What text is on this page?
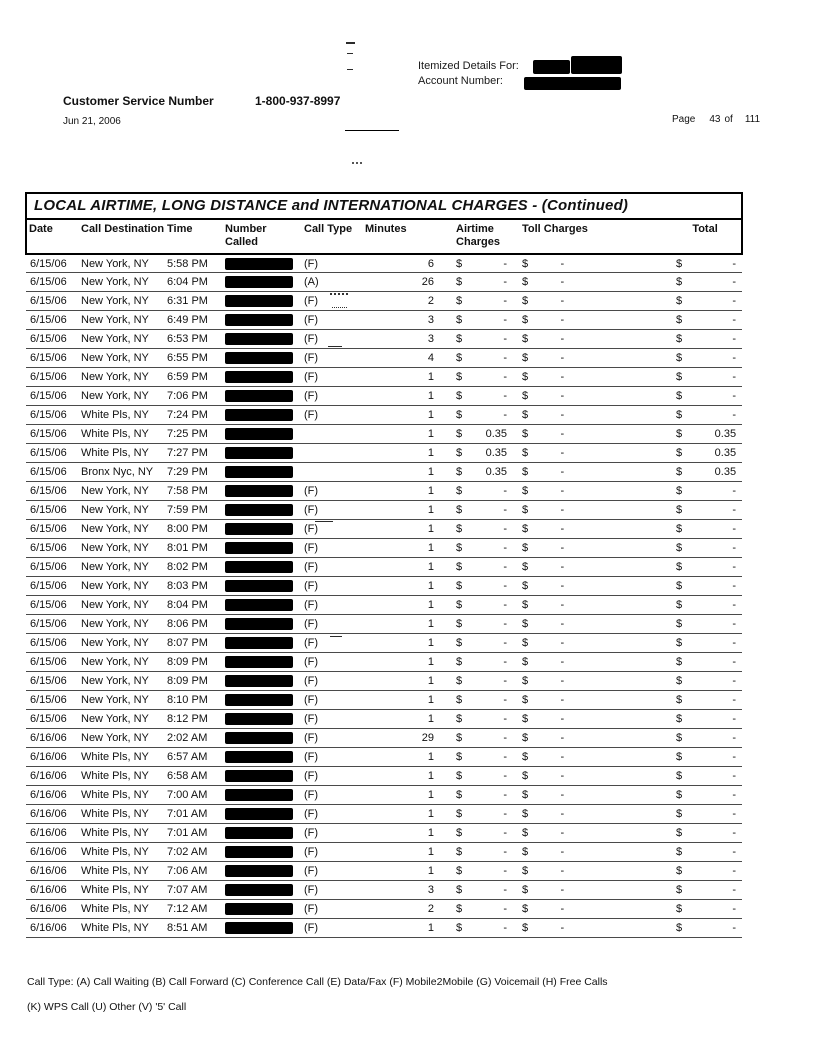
Itemized Details For:
Account Number:
Customer Service Number	1-800-937-8997
Jun 21, 2006	Page 43 of 111
LOCAL AIRTIME, LONG DISTANCE and INTERNATIONAL CHARGES - (Continued)								
Date	Call Destination	Time	Number Called	Call Type	Minutes	Airtime Charges	Toll Charges	Total
6/15/06	New York, NY	5:58 PM		(F)	6	$ -	$ -	$ -

6/15/06	New York, NY	6:04 PM		(A)	26	$ -	$ -	$ -

6/15/06	New York, NY	6:31 PM		(F)	2	$ -	$ -	$ -

6/15/06	New York, NY	6:49 PM		(F)	3	$ -	$ -	$ -

6/15/06	New York, NY	6:53 PM		(F)	3	$ -	$ -	$ -

6/15/06	New York, NY	6:55 PM		(F)	4	$ -	$ -	$ -

6/15/06	New York, NY	6:59 PM		(F)	1	$ -	$ -	$ -

6/15/06	New York, NY	7:06 PM		(F)	1	$ -	$ -	$ -

6/15/06	White Pls, NY	7:24 PM		(F)	1	$ -	$ -	$ -

6/15/06	White Pls, NY	7:25 PM			1	$ 0.35	$ -	$ 0.35

6/15/06	White Pls, NY	7:27 PM			1	$ 0.35	$ -	$ 0.35

6/15/06	Bronx Nyc, NY	7:29 PM			1	$ 0.35	$ -	$ 0.35

6/15/06	New York, NY	7:58 PM		(F)	1	$ -	$ -	$ -

6/15/06	New York, NY	7:59 PM		(F)	1	$ -	$ -	$ -

6/15/06	New York, NY	8:00 PM		(F)	1	$ -	$ -	$ -

6/15/06	New York, NY	8:01 PM		(F)	1	$ -	$ -	$ -

6/15/06	New York, NY	8:02 PM		(F)	1	$ -	$ -	$ -

6/15/06	New York, NY	8:03 PM		(F)	1	$ -	$ -	$ -

6/15/06	New York, NY	8:04 PM		(F)	1	$ -	$ -	$ -

6/15/06	New York, NY	8:06 PM		(F)	1	$ -	$ -	$ -

6/15/06	New York, NY	8:07 PM		(F)	1	$ -	$ -	$ -

6/15/06	New York, NY	8:09 PM		(F)	1	$ -	$ -	$ -

6/15/06	New York, NY	8:09 PM		(F)	1	$ -	$ -	$ -

6/15/06	New York, NY	8:10 PM		(F)	1	$ -	$ -	$ -

6/15/06	New York, NY	8:12 PM		(F)	1	$ -	$ -	$ -

6/16/06	New York, NY	2:02 AM		(F)	29	$ -	$ -	$ -

6/16/06	White Pls, NY	6:57 AM		(F)	1	$ -	$ -	$ -

6/16/06	White Pls, NY	6:58 AM		(F)	1	$ -	$ -	$ -

6/16/06	White Pls, NY	7:00 AM		(F)	1	$ -	$ -	$ -

6/16/06	White Pls, NY	7:01 AM		(F)	1	$ -	$ -	$ -

6/16/06	White Pls, NY	7:01 AM		(F)	1	$ -	$ -	$ -

6/16/06	White Pls, NY	7:02 AM		(F)	1	$ -	$ -	$ -

6/16/06	White Pls, NY	7:06 AM		(F)	1	$ -	$ -	$ -

6/16/06	White Pls, NY	7:07 AM		(F)	3	$ -	$ -	$ -

6/16/06	White Pls, NY	7:12 AM		(F)	2	$ -	$ -	$ -

6/16/06	White Pls, NY	8:51 AM		(F)	1	$ -	$ -	$ -
Call Type: (A) Call Waiting (B) Call Forward (C) Conference Call (E) Data/Fax (F) Mobile2Mobile (G) Voicemail (H) Free Calls
(K) WPS Call (U) Other (V) '5' Call
